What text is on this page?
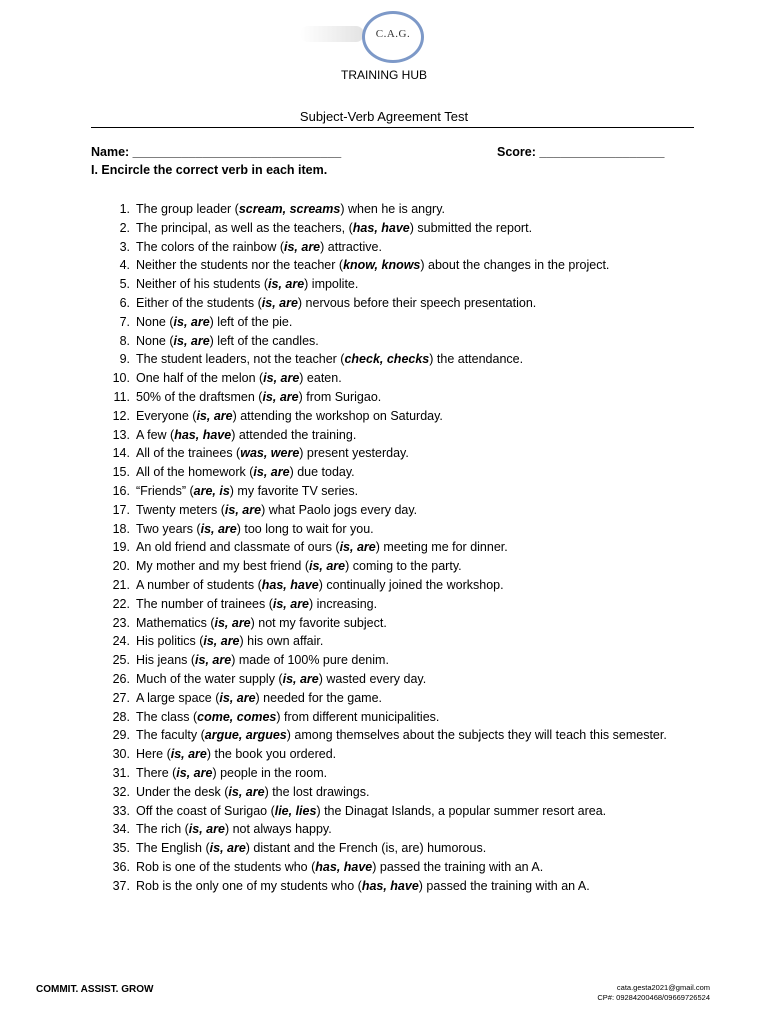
C.A.G.
TRAINING HUB
Subject-Verb Agreement Test
Name: ______________________________	Score: __________________
I. Encircle the correct verb in each item.
1. The group leader (scream, screams) when he is angry.
2. The principal, as well as the teachers, (has, have) submitted the report.
3. The colors of the rainbow (is, are) attractive.
4. Neither the students nor the teacher (know, knows) about the changes in the project.
5. Neither of his students (is, are) impolite.
6. Either of the students (is, are) nervous before their speech presentation.
7. None (is, are) left of the pie.
8. None (is, are) left of the candles.
9. The student leaders, not the teacher (check, checks) the attendance.
10. One half of the melon (is, are) eaten.
11. 50% of the draftsmen (is, are) from Surigao.
12. Everyone (is, are) attending the workshop on Saturday.
13. A few (has, have) attended the training.
14. All of the trainees (was, were) present yesterday.
15. All of the homework (is, are) due today.
16. “Friends” (are, is) my favorite TV series.
17. Twenty meters (is, are) what Paolo jogs every day.
18. Two years (is, are) too long to wait for you.
19. An old friend and classmate of ours (is, are) meeting me for dinner.
20. My mother and my best friend (is, are) coming to the party.
21. A number of students (has, have) continually joined the workshop.
22. The number of trainees (is, are) increasing.
23. Mathematics (is, are) not my favorite subject.
24. His politics (is, are) his own affair.
25. His jeans (is, are) made of 100% pure denim.
26. Much of the water supply (is, are) wasted every day.
27. A large space (is, are) needed for the game.
28. The class (come, comes) from different municipalities.
29. The faculty (argue, argues) among themselves about the subjects they will teach this semester.
30. Here (is, are) the book you ordered.
31. There (is, are) people in the room.
32. Under the desk (is, are) the lost drawings.
33. Off the coast of Surigao (lie, lies) the Dinagat Islands, a popular summer resort area.
34. The rich (is, are) not always happy.
35. The English (is, are) distant and the French (is, are) humorous.
36. Rob is one of the students who (has, have) passed the training with an A.
37. Rob is the only one of my students who (has, have) passed the training with an A.
COMMIT. ASSIST. GROW	cata.gesta2021@gmail.com
CP#: 09284200468/09669726524
